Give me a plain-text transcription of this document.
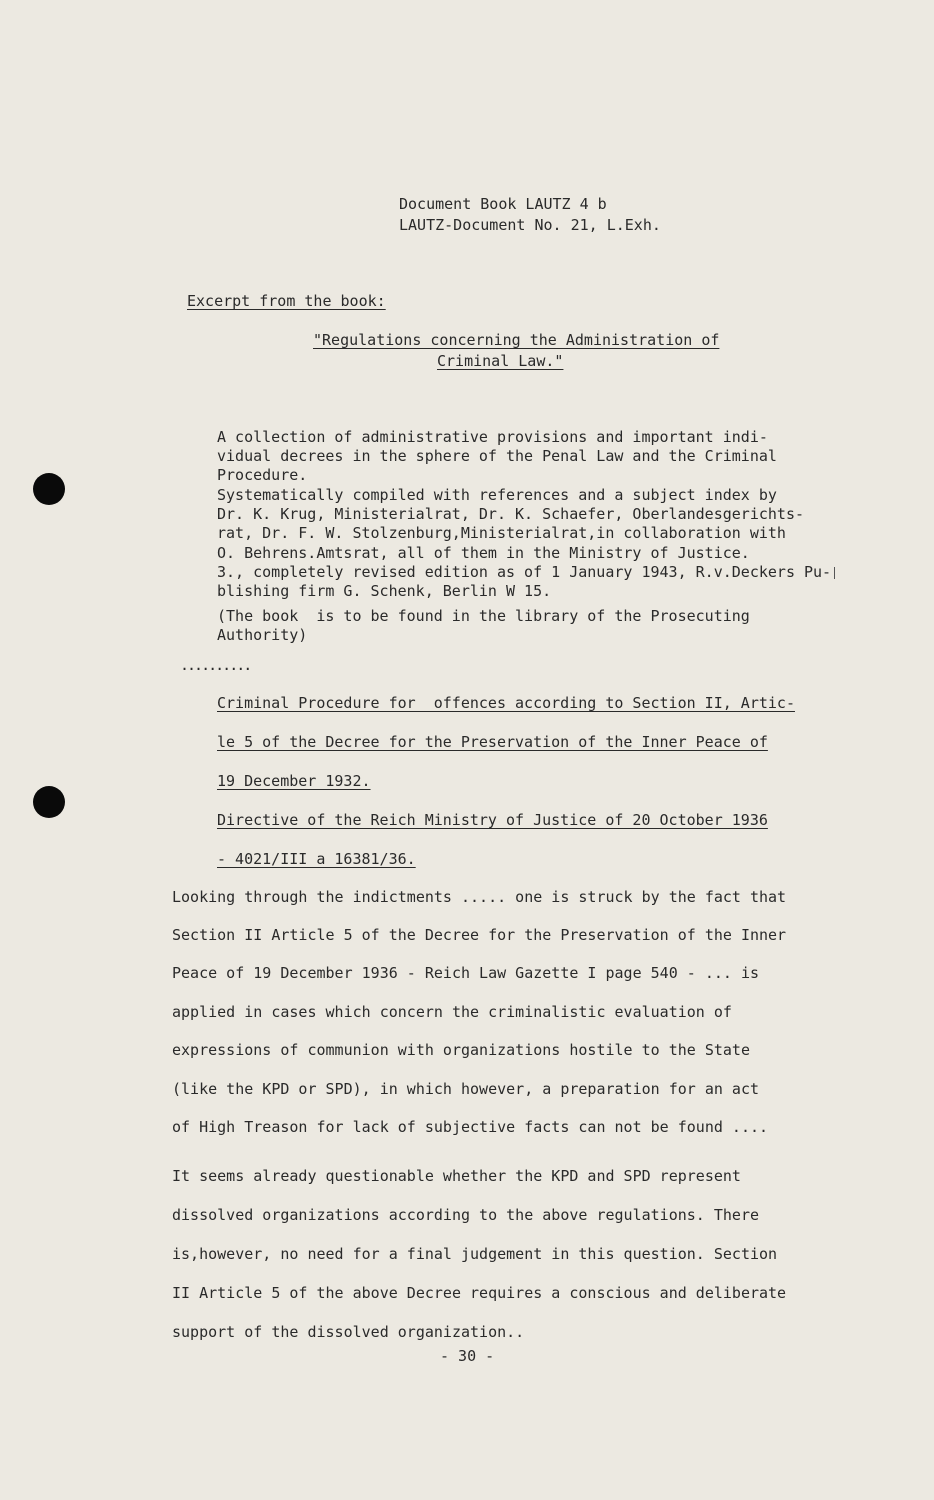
Document Book LAUTZ 4 b
LAUTZ-Document No. 21, L.Exh.
Excerpt from the book:
"Regulations concerning the Administration of
Criminal Law."
A collection of administrative provisions and important indi-
vidual decrees in the sphere of the Penal Law and the Criminal
Procedure.
Systematically compiled with references and a subject index by
Dr. K. Krug, Ministerialrat, Dr. K. Schaefer, Oberlandesgerichts-
rat, Dr. F. W. Stolzenburg,Ministerialrat,in collaboration with
O. Behrens.Amtsrat, all of them in the Ministry of Justice.
3., completely revised edition as of 1 January 1943, R.v.Deckers Pu-
blishing firm G. Schenk, Berlin W 15.
(The book  is to be found in the library of the Prosecuting
Authority)
..........
Criminal Procedure for  offences according to Section II, Artic-
le 5 of the Decree for the Preservation of the Inner Peace of
19 December 1932.
Directive of the Reich Ministry of Justice of 20 October 1936
- 4021/III a 16381/36.
Looking through the indictments ..... one is struck by the fact that
Section II Article 5 of the Decree for the Preservation of the Inner
Peace of 19 December 1936 - Reich Law Gazette I page 540 - ... is
applied in cases which concern the criminalistic evaluation of
expressions of communion with organizations hostile to the State
(like the KPD or SPD), in which however, a preparation for an act
of High Treason for lack of subjective facts can not be found ....
It seems already questionable whether the KPD and SPD represent
dissolved organizations according to the above regulations. There
is,however, no need for a final judgement in this question. Section
II Article 5 of the above Decree requires a conscious and deliberate
support of the dissolved organization..
- 30 -
